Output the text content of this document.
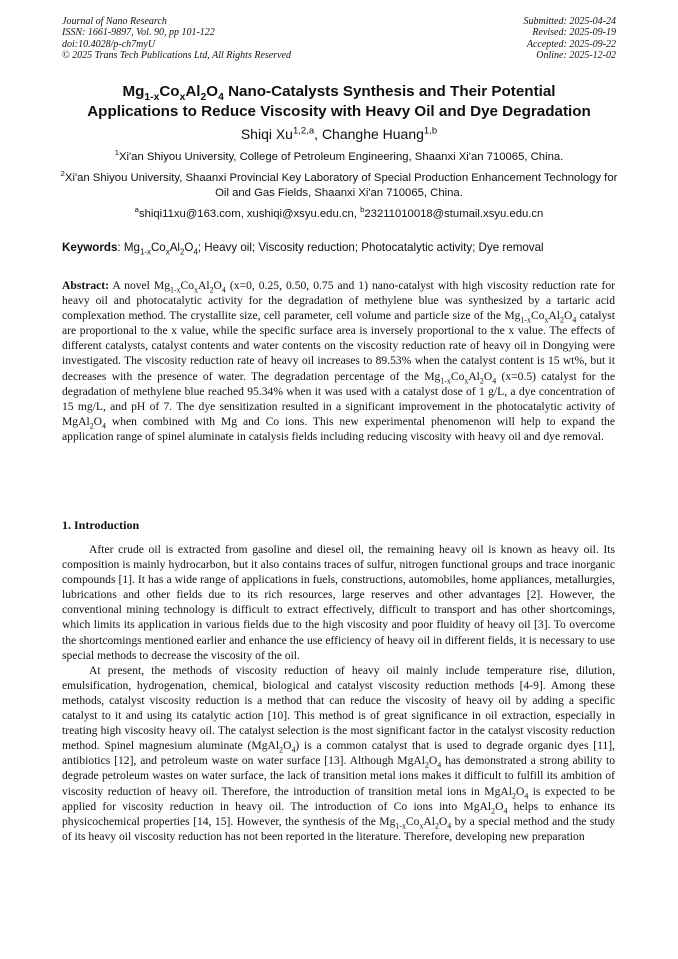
Journal of Nano Research
ISSN: 1661-9897, Vol. 90, pp 101-122
doi:10.4028/p-ch7myU
© 2025 Trans Tech Publications Ltd, All Rights Reserved
Submitted: 2025-04-24
Revised: 2025-09-19
Accepted: 2025-09-22
Online: 2025-12-02
$Mg_{1-x}Co_xAl_2O_4$ Nano-Catalysts Synthesis and Their Potential
Applications to Reduce Viscosity with Heavy Oil and Dye Degradation
Shiqi Xu$^{1,2,a}$, Changhe Huang$^{1,b}$
$^1$Xi'an Shiyou University, College of Petroleum Engineering, Shaanxi Xi'an 710065, China.
$^2$Xi'an Shiyou University, Shaanxi Provincial Key Laboratory of Special Production Enhancement Technology for Oil and Gas Fields, Shaanxi Xi'an 710065, China.
$^a$shiqi11xu@163.com, xushiqi@xsyu.edu.cn, $^b$23211010018@stumail.xsyu.edu.cn
Keywords: $Mg_{1-x}Co_xAl_2O_4$; Heavy oil; Viscosity reduction; Photocatalytic activity; Dye removal
Abstract: A novel $Mg_{1-x}Co_xAl_2O_4$ (x=0, 0.25, 0.50, 0.75 and 1) nano-catalyst with high viscosity reduction rate for heavy oil and photocatalytic activity for the degradation of methylene blue was synthesized by a tartaric acid complexation method. The crystallite size, cell parameter, cell volume and particle size of the $Mg_{1-x}Co_xAl_2O_4$ catalyst are proportional to the x value, while the specific surface area is inversely proportional to the x value. The effects of different catalysts, catalyst contents and water contents on the viscosity reduction rate of heavy oil in Dongying were investigated. The viscosity reduction rate of heavy oil increases to 89.53% when the catalyst content is 15 wt%, but it decreases with the presence of water. The degradation percentage of the $Mg_{1-x}Co_xAl_2O_4$ (x=0.5) catalyst for the degradation of methylene blue reached 95.34% when it was used with a catalyst dose of 1 g/L, a dye concentration of 15 mg/L, and pH of 7. The dye sensitization resulted in a significant improvement in the photocatalytic activity of $MgAl_2O_4$ when combined with Mg and Co ions. This new experimental phenomenon will help to expand the application range of spinel aluminate in catalysis fields including reducing viscosity with heavy oil and dye removal.
1. Introduction

After crude oil is extracted from gasoline and diesel oil, the remaining heavy oil is known as heavy oil. Its composition is mainly hydrocarbon, but it also contains traces of sulfur, nitrogen functional groups and trace inorganic compounds [1]. It has a wide range of applications in fuels, constructions, automobiles, home appliances, metallurgies, lubrications and other fields due to its rich resources, large reserves and other advantages [2]. However, the conventional mining technology is difficult to extract effectively, difficult to transport and has other shortcomings, which limits its application in various fields due to the high viscosity and poor fluidity of heavy oil [3]. To overcome the shortcomings mentioned earlier and enhance the use efficiency of heavy oil in different fields, it is necessary to use special methods to decrease the viscosity of the oil.

At present, the methods of viscosity reduction of heavy oil mainly include temperature rise, dilution, emulsification, hydrogenation, chemical, biological and catalyst viscosity reduction methods [4-9]. Among these methods, catalyst viscosity reduction is a method that can reduce the viscosity of heavy oil by adding a specific catalyst to it and using its catalytic action [10]. This method is of great significance in oil extraction, especially in treating high viscosity heavy oil. The catalyst selection is the most significant factor in the catalyst viscosity reduction method. Spinel magnesium aluminate $(MgAl_2O_4)$ is a common catalyst that is used to degrade organic dyes [11], antibiotics [12], and petroleum waste on water surface [13]. Although $MgAl_2O_4$ has demonstrated a strong ability to degrade petroleum wastes on water surface, the lack of transition metal ions makes it difficult to fulfill its ambition of viscosity reduction of heavy oil. Therefore, the introduction of transition metal ions in $MgAl_2O_4$ is expected to be applied for viscosity reduction in heavy oil. The introduction of Co ions into $MgAl_2O_4$ helps to enhance its physicochemical properties [14, 15]. However, the synthesis of the $Mg_{1-x}Co_xAl_2O_4$ by a special method and the study of its heavy oil viscosity reduction has not been reported in the literature. Therefore, developing new preparation
